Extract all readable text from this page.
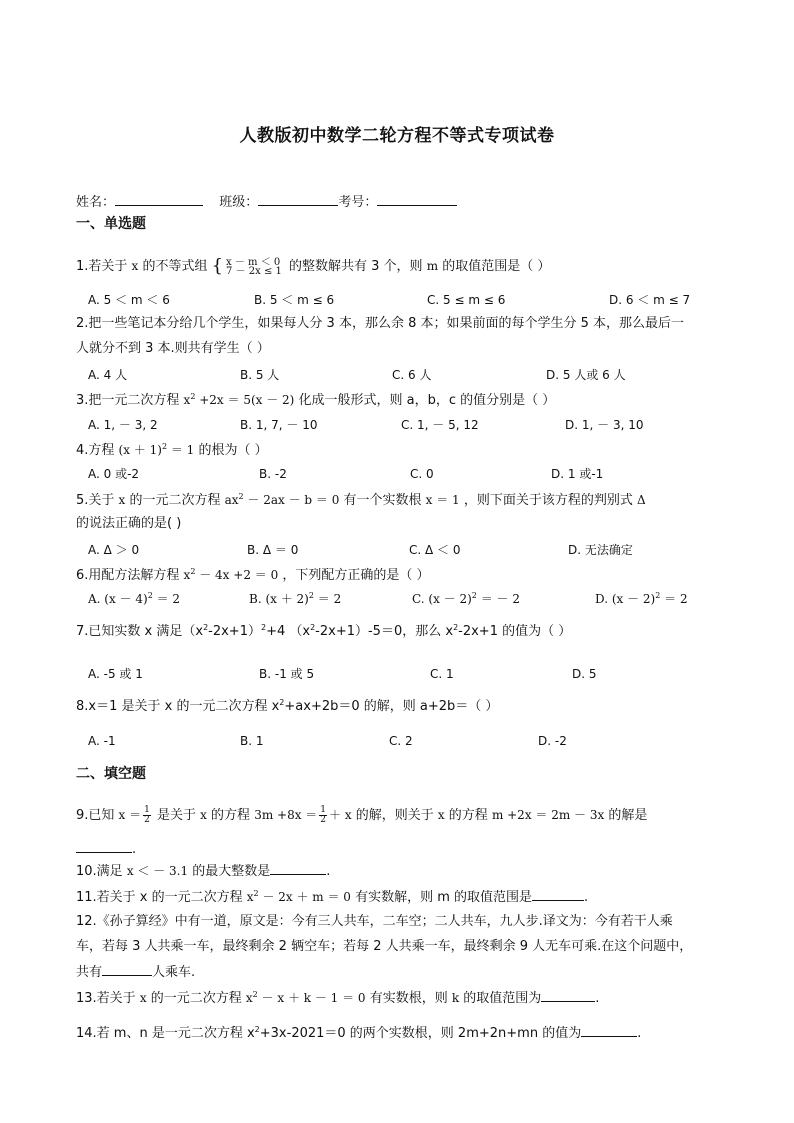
人教版初中数学二轮方程不等式专项试卷
姓名：	班级：	考号：
一、单选题
1.若关于 x 的不等式组 { x － m ＜ 0
7 － 2x ≤ 1 的整数解共有 3 个，则 m 的取值范围是（ ）
A. 5 ＜ m ＜ 6	B. 5 ＜ m ≤ 6	C. 5 ≤ m ≤ 6	D. 6 ＜ m ≤ 7
2.把一些笔记本分给几个学生，如果每人分 3 本，那么余 8 本；如果前面的每个学生分 5 本，那么最后一
人就分不到 3 本.则共有学生（ ）
A. 4 人	B. 5 人	C. 6 人	D. 5 人或 6 人
3.把一元二次方程 $x^2 +2x = 5(x - 2)$ 化成一般形式，则 a，b，c 的值分别是（ ）
A. 1, － 3, 2	B. 1, 7, － 10	C. 1, － 5, 12	D. 1, － 3, 10
4.方程 $(x + 1)^2 = 1$ 的根为（ ）
A. 0 或-2	B. -2	C. 0	D. 1 或-1
5.关于 x 的一元二次方程 $ax^2 - 2ax - b = 0$ 有一个实数根 x ＝ 1 ，则下面关于该方程的判别式 Δ
的说法正确的是( )
A. Δ ＞ 0	B. Δ ＝ 0	C. Δ ＜ 0	D. 无法确定
6.用配方法解方程 $x^2 - 4x +2 = 0$ ，下列配方正确的是（ ）
A. $(x - 4)^2 = 2$	B. $(x + 2)^2 = 2$	C. $(x - 2)^2$ ＝ － 2	D. $(x - 2)^2 = 2$
7.已知实数 x 满足$(x^2-2x+1)^2+4$ $(x^2-2x+1)-5=0$，那么 $x^2-2x+1$ 的值为（ ）
A. -5 或 1	B. -1 或 5	C. 1	D. 5
8.x＝1 是关于 x 的一元二次方程 $x^2+ax+2b=0$ 的解，则 a+2b＝（ ）
A. -1	B. 1	C. 2	D. -2
二、填空题
9.已知 $x = \frac{1}{2}$ 是关于 x 的方程 $3m +8x = \frac{1}{2} + x$ 的解，则关于 x 的方程 m +2x ＝ 2m － 3x 的解是
.
10.满足 x ＜ － 3.1 的最大整数是	.
11.若关于 x 的一元二次方程 $x^2 - 2x + m = 0$ 有实数解，则 m 的取值范围是	.
12.《孙子算经》中有一道，原文是：今有三人共车，二车空；二人共车，九人步.译文为：今有若干人乘
车，若每 3 人共乘一车，最终剩余 2 辆空车；若每 2 人共乘一车，最终剩余 9 人无车可乘.在这个问题中，
共有	人乘车.
13.若关于 x 的一元二次方程 $x^2 - x + k - 1 = 0$ 有实数根，则 k 的取值范围为	.
14.若 m、n 是一元二次方程 $x^2+3x-2021=0$ 的两个实数根，则 2m+2n+mn 的值为	.
